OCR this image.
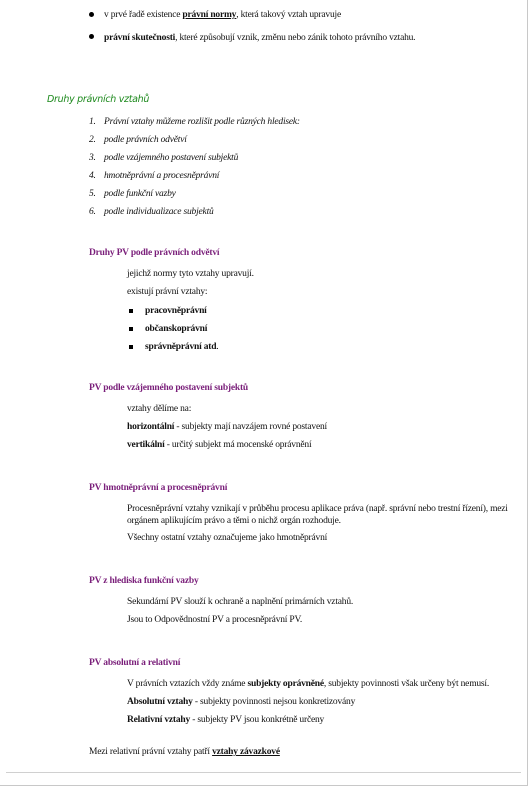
v prvé řadě existence právní normy, která takový vztah upravuje
právní skutečnosti, které způsobují vznik, změnu nebo zánik tohoto právního vztahu.
Druhy právních vztahů
1. Právní vztahy můžeme rozlišit podle různých hledisek:
2. podle právních odvětví
3. podle vzájemného postavení subjektů
4. hmotněprávní a procesněprávní
5. podle funkční vazby
6. podle individualizace subjektů
Druhy PV podle právních odvětví
jejichž normy tyto vztahy upravují.
existují právní vztahy:
pracovněprávní
občanskoprávní
správněprávní atd.
PV podle vzájemného postavení subjektů
vztahy dělíme na:
horizontální - subjekty mají navzájem rovné postavení
vertikální - určitý subjekt má mocenské oprávnění
PV hmotněprávní a procesněprávní
Procesněprávní vztahy vznikají v průběhu procesu aplikace práva (např. správní nebo trestní řízení), mezi orgánem aplikujícím právo a těmi o nichž orgán rozhoduje.
Všechny ostatní vztahy označujeme jako hmotněprávní
PV z hlediska funkční vazby
Sekundární PV slouží k ochraně a naplnění primárních vztahů.
Jsou to Odpovědnostní PV a procesněprávní PV.
PV absolutní a relativní
V právních vztazích vždy známe subjekty oprávněné, subjekty povinnosti však určeny být nemusí.
Absolutní vztahy - subjekty povinnosti nejsou konkretizovány
Relativní vztahy - subjekty PV jsou konkrétně určeny
Mezi relativní právní vztahy patří vztahy závazkové
